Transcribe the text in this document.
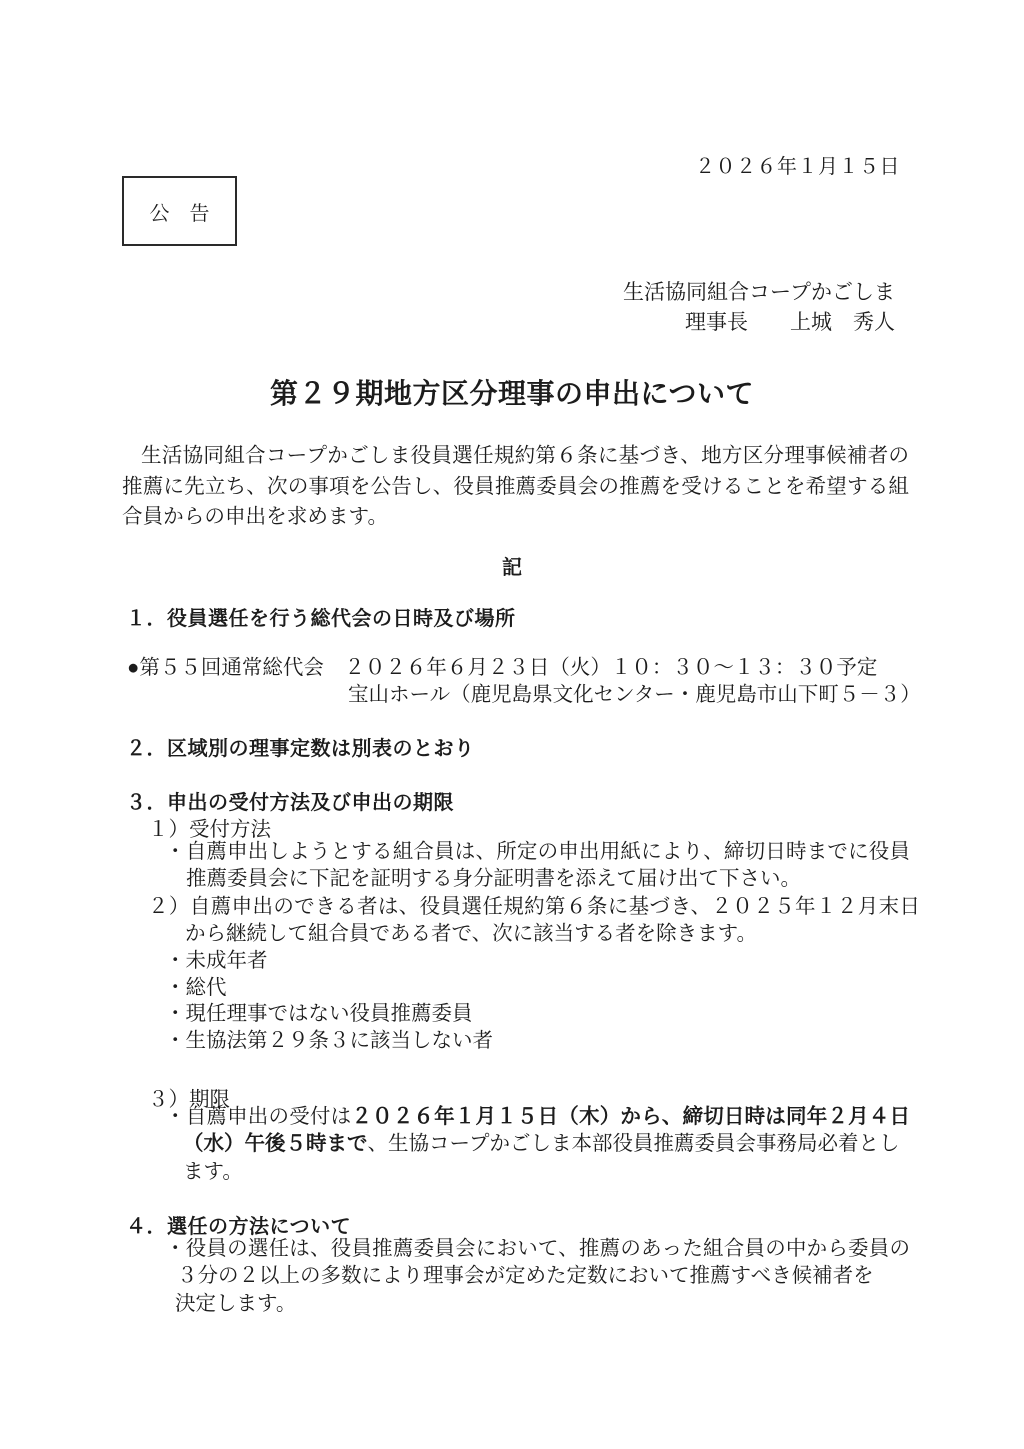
２０２６年１月１５日
公　告
生活協同組合コープかごしま
理事長　　上城　秀人
第２９期地方区分理事の申出について
生活協同組合コープかごしま役員選任規約第６条に基づき、地方区分理事候補者の
推薦に先立ち、次の事項を公告し、役員推薦委員会の推薦を受けることを希望する組
合員からの申出を求めます。
記
１．役員選任を行う総代会の日時及び場所
●第５５回通常総代会　２０２６年６月２３日（火）１０：３０～１３：３０予定
宝山ホール（鹿児島県文化センター・鹿児島市山下町５－３）
２．区域別の理事定数は別表のとおり
３．申出の受付方法及び申出の期限
１）受付方法
・自薦申出しようとする組合員は、所定の申出用紙により、締切日時までに役員
推薦委員会に下記を証明する身分証明書を添えて届け出て下さい。
２）自薦申出のできる者は、役員選任規約第６条に基づき、２０２５年１２月末日
から継続して組合員である者で、次に該当する者を除きます。
・未成年者
・総代
・現任理事ではない役員推薦委員
・生協法第２９条３に該当しない者
３）期限
・自薦申出の受付は２０２６年１月１５日（木）から、締切日時は同年２月４日
（水）午後５時まで、生協コープかごしま本部役員推薦委員会事務局必着とし
ます。
４．選任の方法について
・役員の選任は、役員推薦委員会において、推薦のあった組合員の中から委員の
３分の２以上の多数により理事会が定めた定数において推薦すべき候補者を
決定します。
